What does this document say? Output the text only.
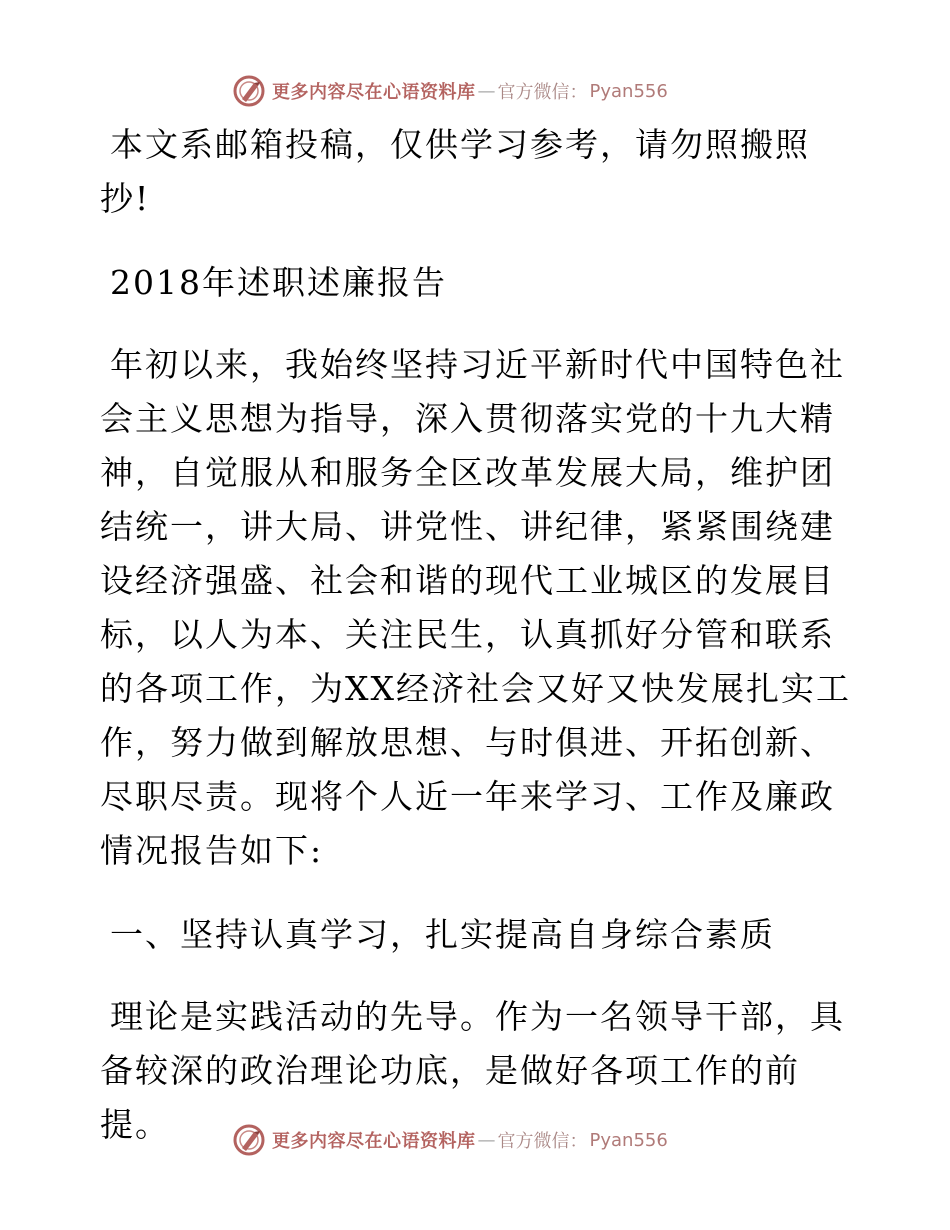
更多内容尽在心语资料库 — 官方微信： Pyan556

本文系邮箱投稿，仅供学习参考，请勿照搬照抄!

2018年述职述廉报告

年初以来，我始终坚持习近平新时代中国特色社会主义思想为指导，深入贯彻落实党的十九大精神，自觉服从和服务全区改革发展大局，维护团结统一，讲大局、讲党性、讲纪律，紧紧围绕建设经济强盛、社会和谐的现代工业城区的发展目标，以人为本、关注民生，认真抓好分管和联系的各项工作，为XX经济社会又好又快发展扎实工作，努力做到解放思想、与时俱进、开拓创新、尽职尽责。现将个人近一年来学习、工作及廉政情况报告如下:

一、坚持认真学习，扎实提高自身综合素质

理论是实践活动的先导。作为一名领导干部，具备较深的政治理论功底，是做好各项工作的前提。	更多内容尽在心语资料库 — 官方微信： Pyan556
